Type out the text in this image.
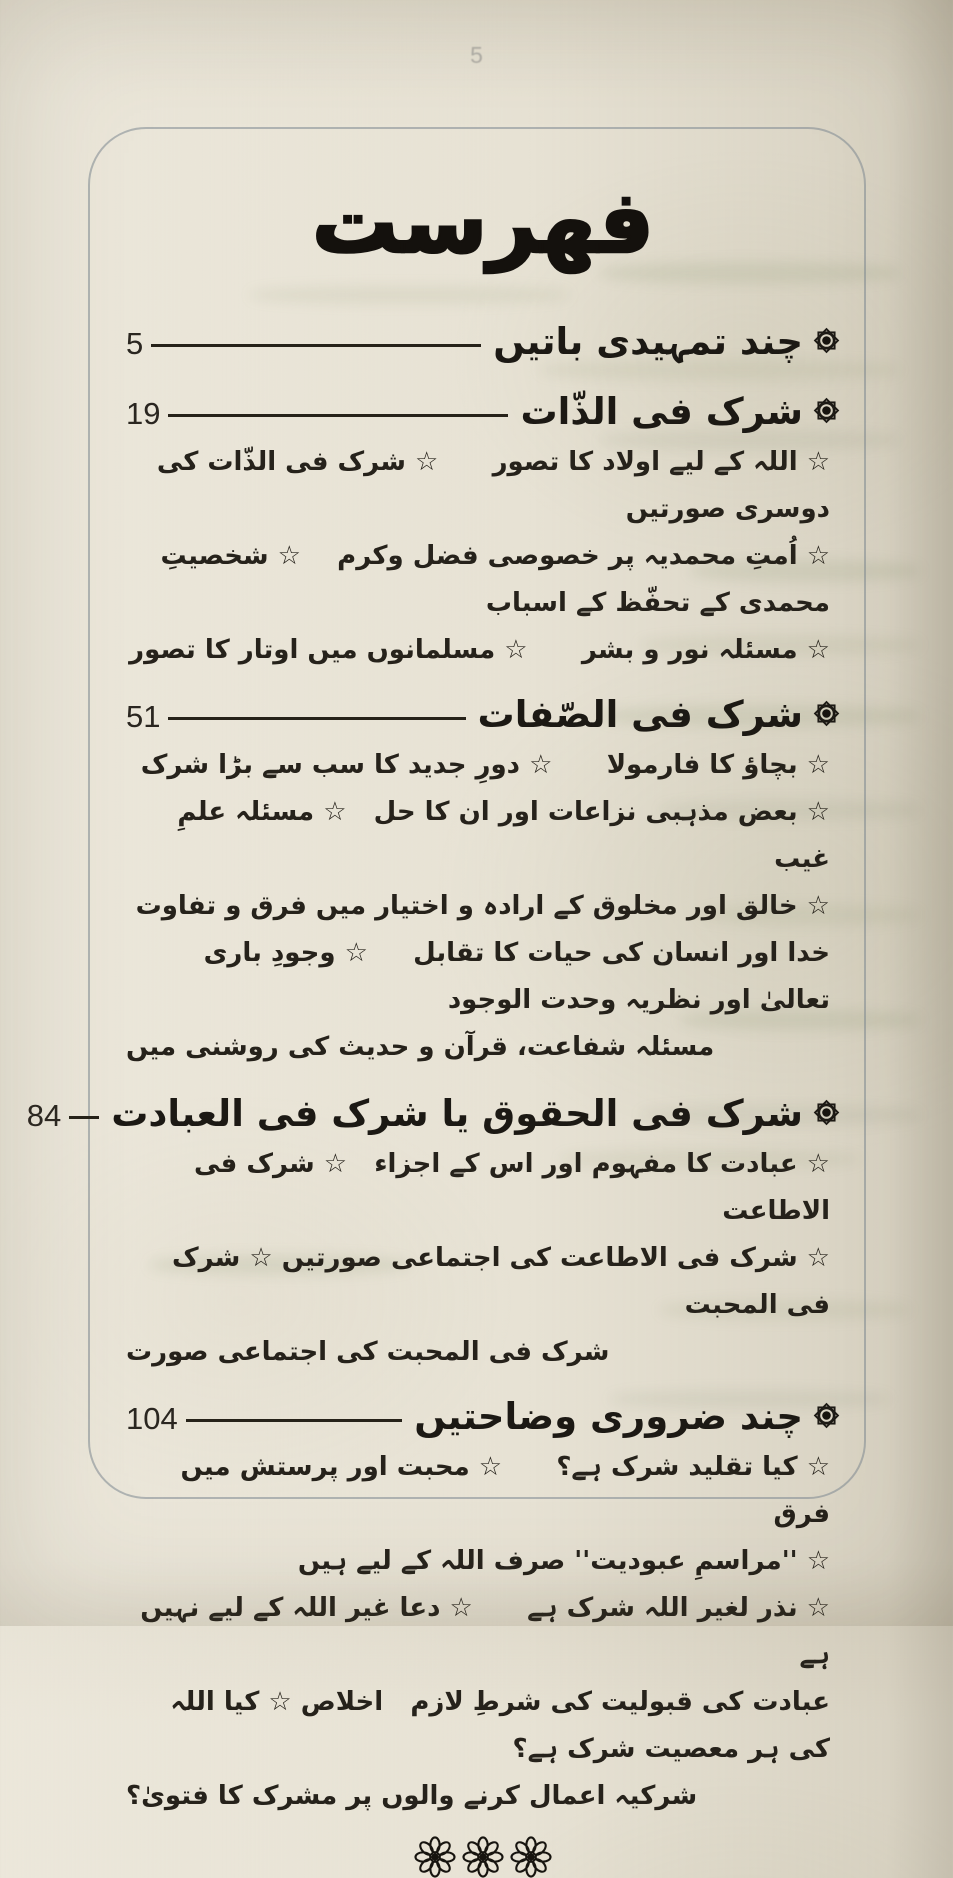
5
فهرست
چند تمہیدی باتیں
5
شرک فی الذّات
19
☆ اللہ کے لیے اولاد کا تصور      ☆ شرک فی الذّات کی دوسری صورتیں
☆ اُمتِ محمدیہ پر خصوصی فضل وکرم    ☆ شخصیتِ محمدی کے تحفّظ کے اسباب
☆ مسئلہ نور و بشر      ☆ مسلمانوں میں اوتار کا تصور
شرک فی الصّفات
51
☆ بچاؤ کا فارمولا      ☆ دورِ جدید کا سب سے بڑا شرک
☆ بعض مذہبی نزاعات اور ان کا حل   ☆ مسئلہ علمِ غیب
☆ خالق اور مخلوق کے ارادہ و اختیار میں فرق و تفاوت
خدا اور انسان کی حیات کا تقابل     ☆ وجودِ باری تعالیٰ اور نظریہ وحدت الوجود
مسئلہ شفاعت، قرآن و حدیث کی روشنی میں
شرک فی الحقوق یا شرک فی العبادت
84
☆ عبادت کا مفہوم اور اس کے اجزاء   ☆ شرک فی الاطاعت
☆ شرک فی الاطاعت کی اجتماعی صورتیں ☆ شرک فی المحبت
شرک فی المحبت کی اجتماعی صورت
چند ضروری وضاحتیں
104
☆ کیا تقلید شرک ہے؟      ☆ محبت اور پرستش میں فرق
☆ ''مراسمِ عبودیت'' صرف اللہ کے لیے ہیں
☆ نذر لغیر اللہ شرک ہے      ☆ دعا غیر اللہ کے لیے نہیں ہے
عبادت کی قبولیت کی شرطِ لازم   اخلاص ☆ کیا اللہ کی ہر معصیت شرک ہے؟
شرکیہ اعمال کرنے والوں پر مشرک کا فتویٰ؟
